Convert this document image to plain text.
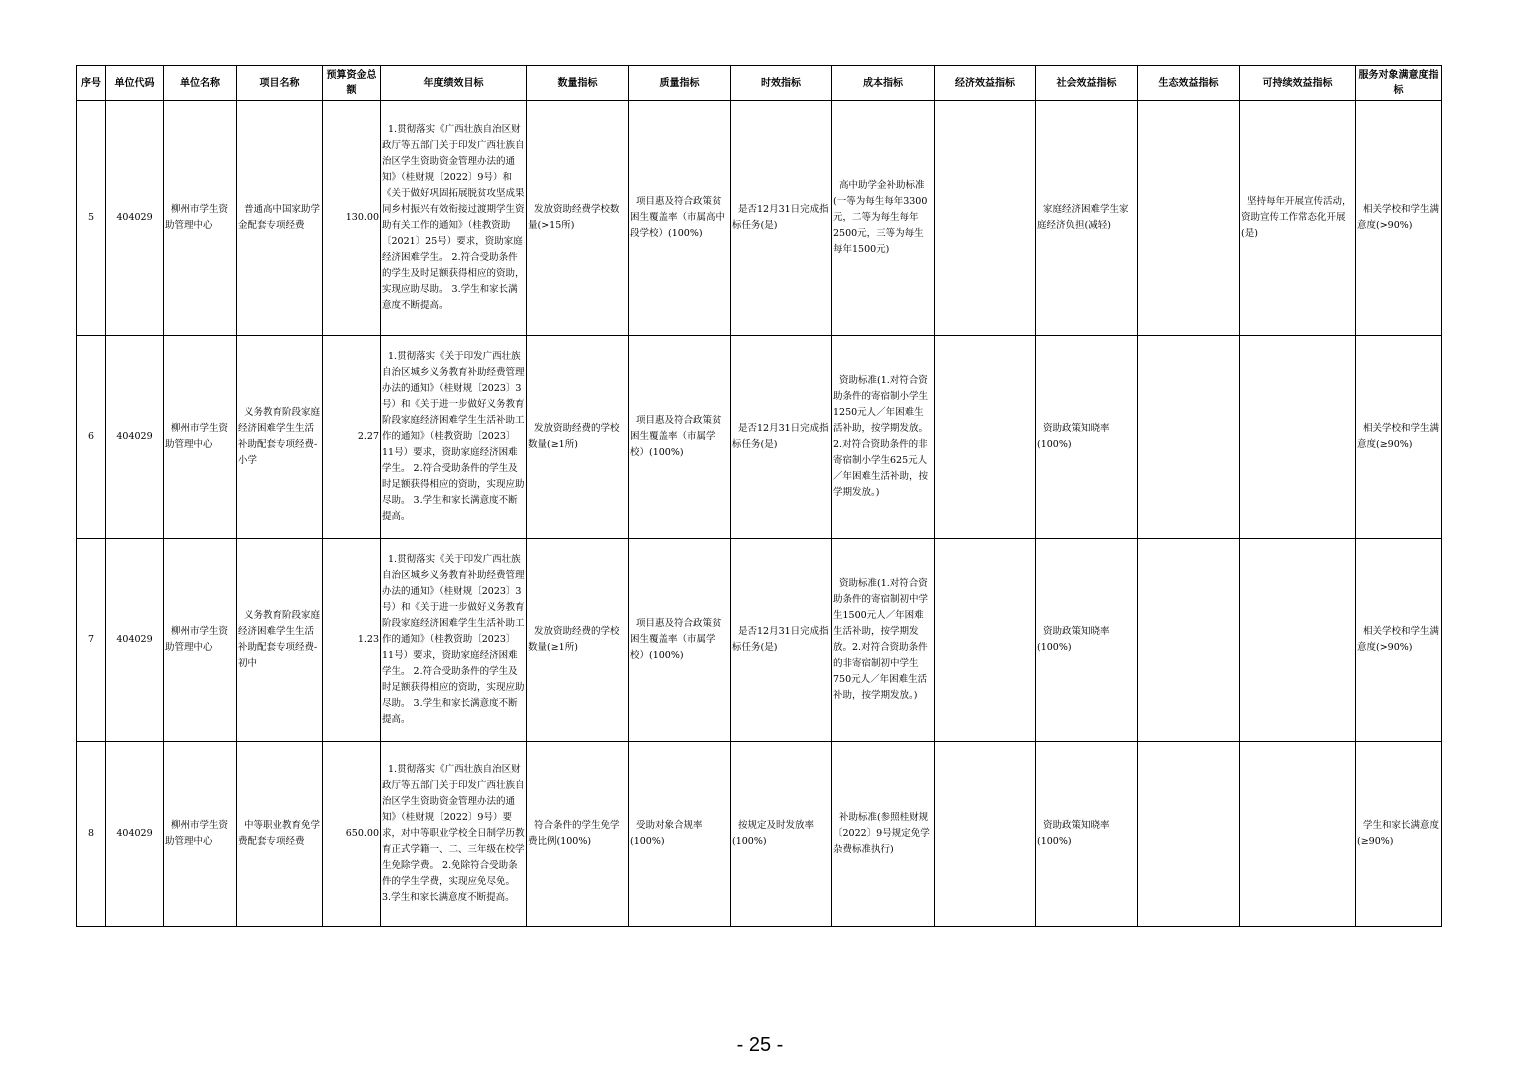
序号	单位代码	单位名称	项目名称	预算资金总额	年度绩效目标	数量指标	质量指标	时效指标	成本指标	经济效益指标	社会效益指标	生态效益指标	可持续效益指标	服务对象满意度指标
5	404029	柳州市学生资助管理中心	普通高中国家助学金配套专项经费	130.00	1.贯彻落实《广西壮族自治区财政厅等五部门关于印发广西壮族自治区学生资助资金管理办法的通知》（桂财规〔2022〕9号）和《关于做好巩固拓展脱贫攻坚成果同乡村振兴有效衔接过渡期学生资助有关工作的通知》（桂教资助〔2021〕25号）要求，资助家庭经济困难学生。 2.符合受助条件的学生及时足额获得相应的资助，实现应助尽助。 3.学生和家长满意度不断提高。	发放资助经费学校数量(>15所)	项目惠及符合政策贫困生覆盖率（市属高中段学校）(100%)	是否12月31日完成指标任务(是)	高中助学金补助标准(一等为每生每年3300元，二等为每生每年2500元，三等为每生每年1500元)		家庭经济困难学生家庭经济负担(减轻)		坚持每年开展宣传活动，资助宣传工作常态化开展(是)	相关学校和学生满意度(>90%)
6	404029	柳州市学生资助管理中心	义务教育阶段家庭经济困难学生生活补助配套专项经费-小学	2.27	1.贯彻落实《关于印发广西壮族自治区城乡义务教育补助经费管理办法的通知》（桂财规〔2023〕3号）和《关于进一步做好义务教育阶段家庭经济困难学生生活补助工作的通知》（桂教资助〔2023〕11号）要求，资助家庭经济困难学生。 2.符合受助条件的学生及时足额获得相应的资助，实现应助尽助。 3.学生和家长满意度不断提高。	发放资助经费的学校数量(≥1所)	项目惠及符合政策贫困生覆盖率（市属学校）(100%)	是否12月31日完成指标任务(是)	资助标准(1.对符合资助条件的寄宿制小学生1250元人／年困难生活补助，按学期发放。2.对符合资助条件的非寄宿制小学生625元人／年困难生活补助，按学期发放。)		资助政策知晓率(100%)			相关学校和学生满意度(≥90%)
7	404029	柳州市学生资助管理中心	义务教育阶段家庭经济困难学生生活补助配套专项经费-初中	1.23	1.贯彻落实《关于印发广西壮族自治区城乡义务教育补助经费管理办法的通知》（桂财规〔2023〕3号）和《关于进一步做好义务教育阶段家庭经济困难学生生活补助工作的通知》（桂教资助〔2023〕11号）要求，资助家庭经济困难学生。 2.符合受助条件的学生及时足额获得相应的资助，实现应助尽助。 3.学生和家长满意度不断提高。	发放资助经费的学校数量(≥1所)	项目惠及符合政策贫困生覆盖率（市属学校）(100%)	是否12月31日完成指标任务(是)	资助标准(1.对符合资助条件的寄宿制初中学生1500元人／年困难生活补助，按学期发放。2.对符合资助条件的非寄宿制初中学生750元人／年困难生活补助，按学期发放。)		资助政策知晓率(100%)			相关学校和学生满意度(>90%)
8	404029	柳州市学生资助管理中心	中等职业教育免学费配套专项经费	650.00	1.贯彻落实《广西壮族自治区财政厅等五部门关于印发广西壮族自治区学生资助资金管理办法的通知》（桂财规〔2022〕9号）要求，对中等职业学校全日制学历教育正式学籍一、二、三年级在校学生免除学费。 2.免除符合受助条件的学生学费，实现应免尽免。 3.学生和家长满意度不断提高。	符合条件的学生免学费比例(100%)	受助对象合规率(100%)	按规定及时发放率(100%)	补助标准(参照桂财规〔2022〕9号规定免学杂费标准执行)		资助政策知晓率(100%)			学生和家长满意度(≥90%)
- 25 -
